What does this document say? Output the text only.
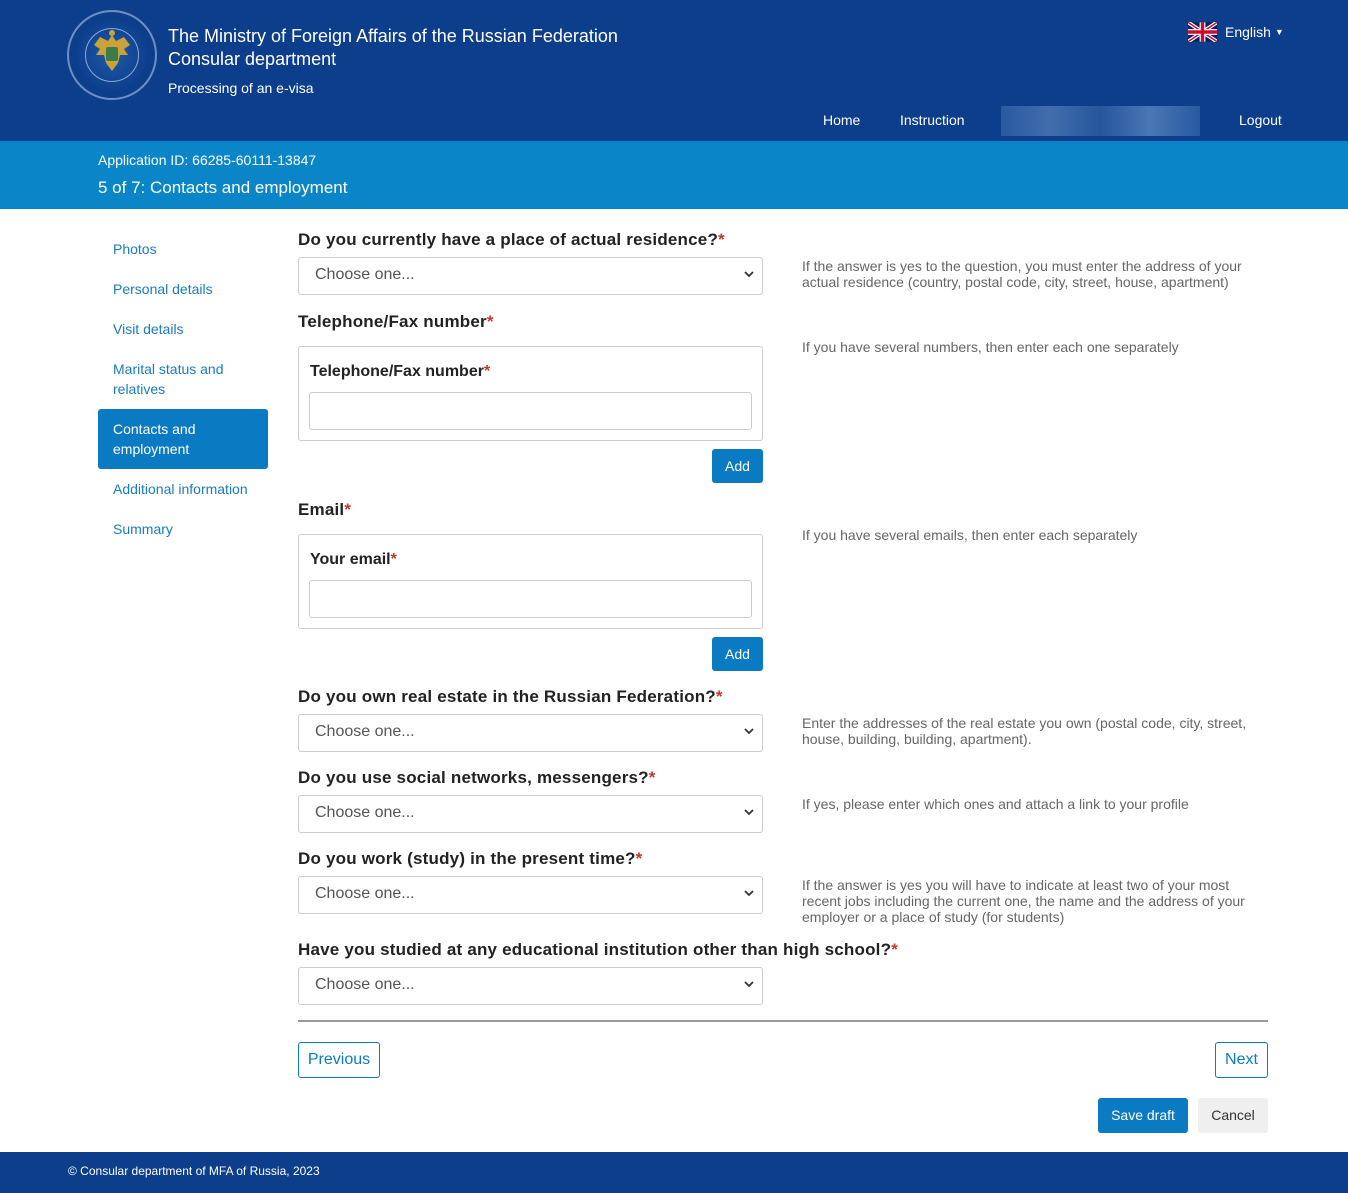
The Ministry of Foreign Affairs of the Russian Federation
Consular department
Processing of an e-visa
English ▼
Home	Instruction	Logout
Application ID: 66285-60111-13847
5 of 7: Contacts and employment
Photos
Personal details
Visit details
Marital status and relatives
Contacts and employment
Additional information
Summary
Do you currently have a place of actual residence?*
Choose one...	If the answer is yes to the question, you must enter the address of your actual residence (country, postal code, city, street, house, apartment)
Telephone/Fax number*
Telephone/Fax number*
Add
If you have several numbers, then enter each one separately
Email*
Your email*
Add
If you have several emails, then enter each separately
Do you own real estate in the Russian Federation?*
Choose one...	Enter the addresses of the real estate you own (postal code, city, street, house, building, building, apartment).
Do you use social networks, messengers?*
Choose one...	If yes, please enter which ones and attach a link to your profile
Do you work (study) in the present time?*
Choose one...	If the answer is yes you will have to indicate at least two of your most recent jobs including the current one, the name and the address of your employer or a place of study (for students)
Have you studied at any educational institution other than high school?*
Choose one...
Previous	Next
Save draft	Cancel
© Consular department of MFA of Russia, 2023
